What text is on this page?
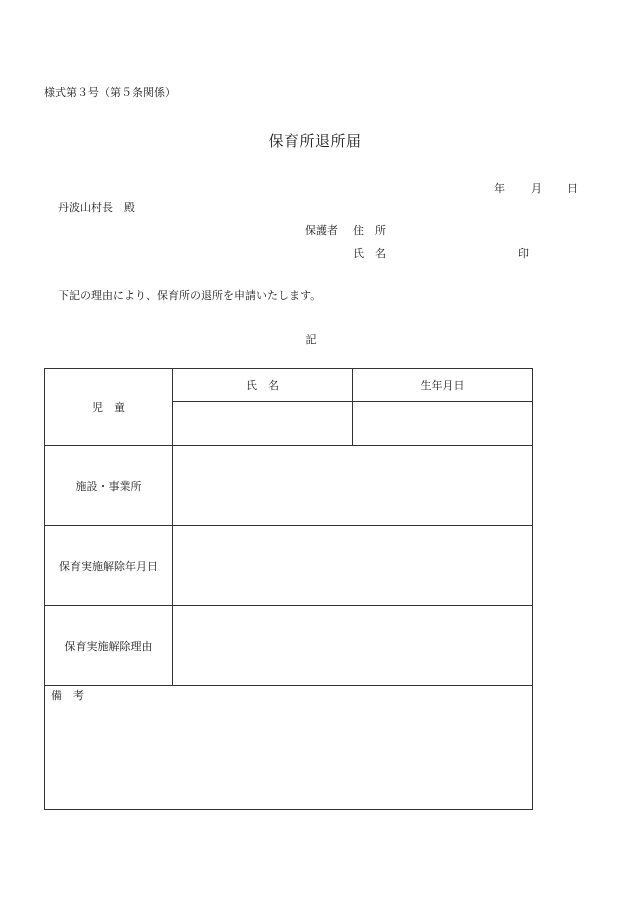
様式第３号（第５条関係）
保育所退所届
年 月 日
丹波山村長　殿
保護者 住　所
氏　名	印
下記の理由により、保育所の退所を申請いたします。
記
児　童	氏　名	生年月日

施設・事業所		
保育実施解除年月日		
保育実施解除理由		
備　考		
